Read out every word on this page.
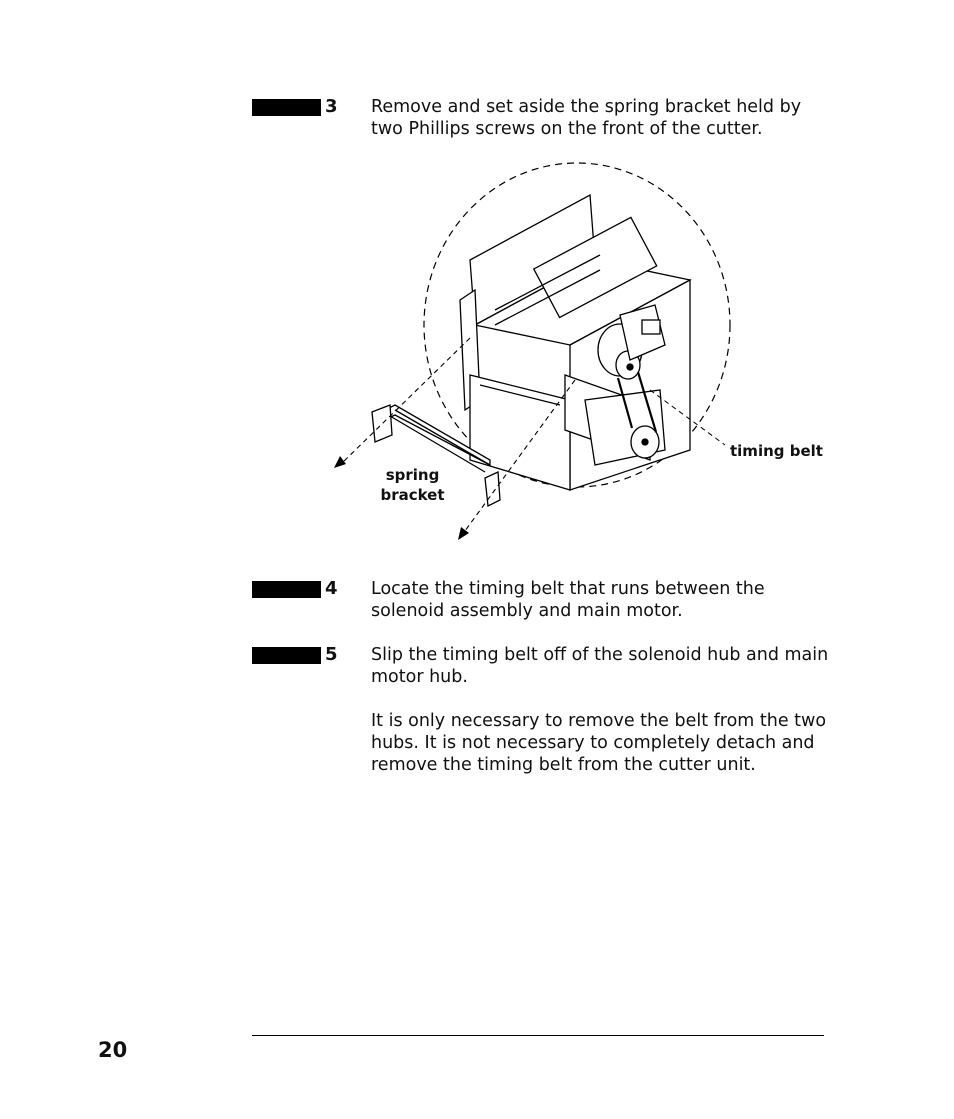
3 Remove and set aside the spring bracket held by two Phillips screws on the front of the cutter.

spring
bracket
timing belt
4 Locate the timing belt that runs between the solenoid assembly and main motor.

5 Slip the timing belt off of the solenoid hub and main motor hub.

It is only necessary to remove the belt from the two hubs. It is not necessary to completely detach and remove the timing belt from the cutter unit.

20
